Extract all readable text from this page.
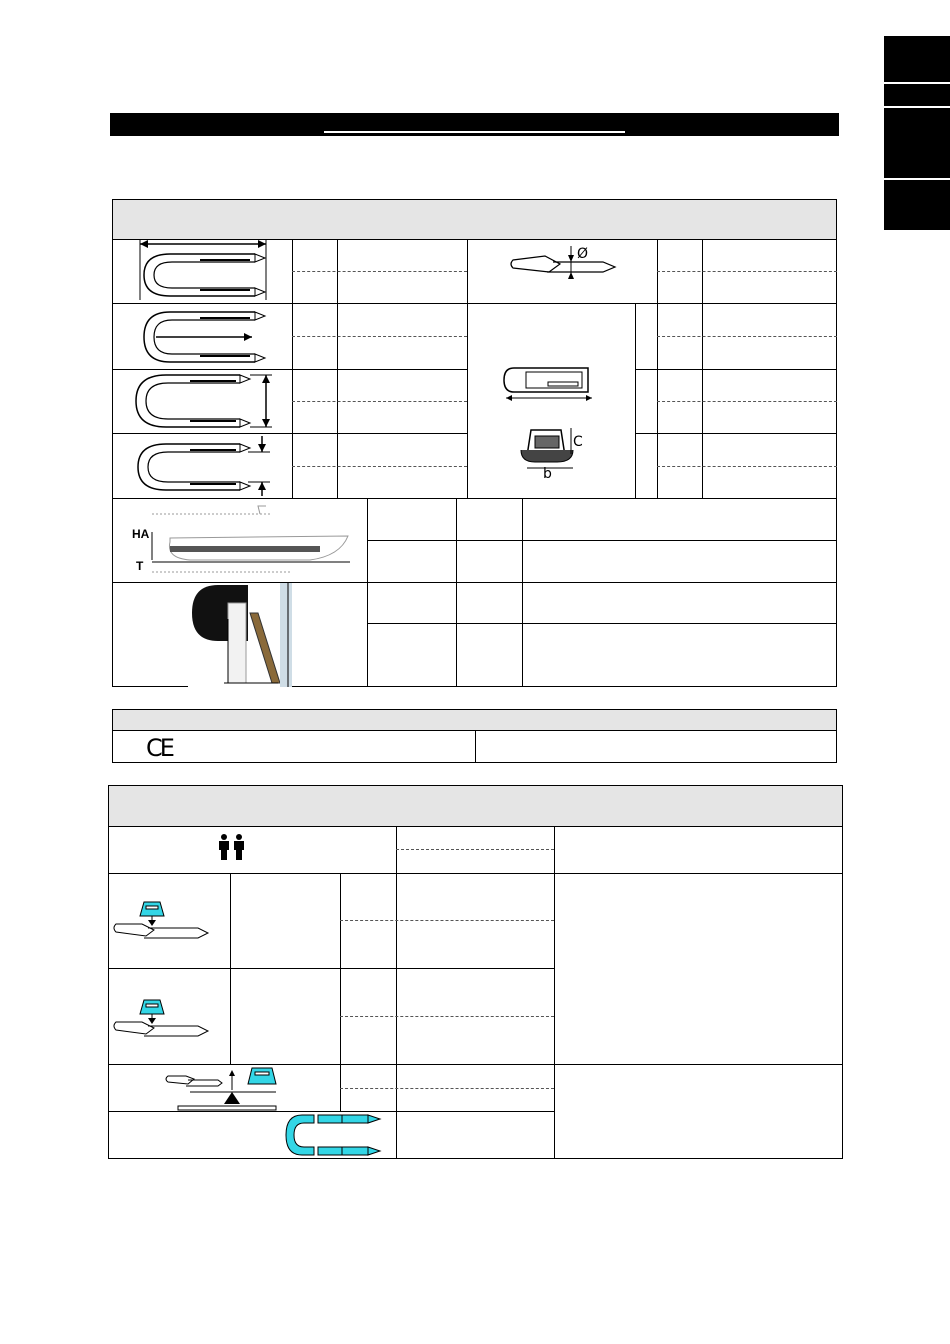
Ø
C
b
HA
T
CE
